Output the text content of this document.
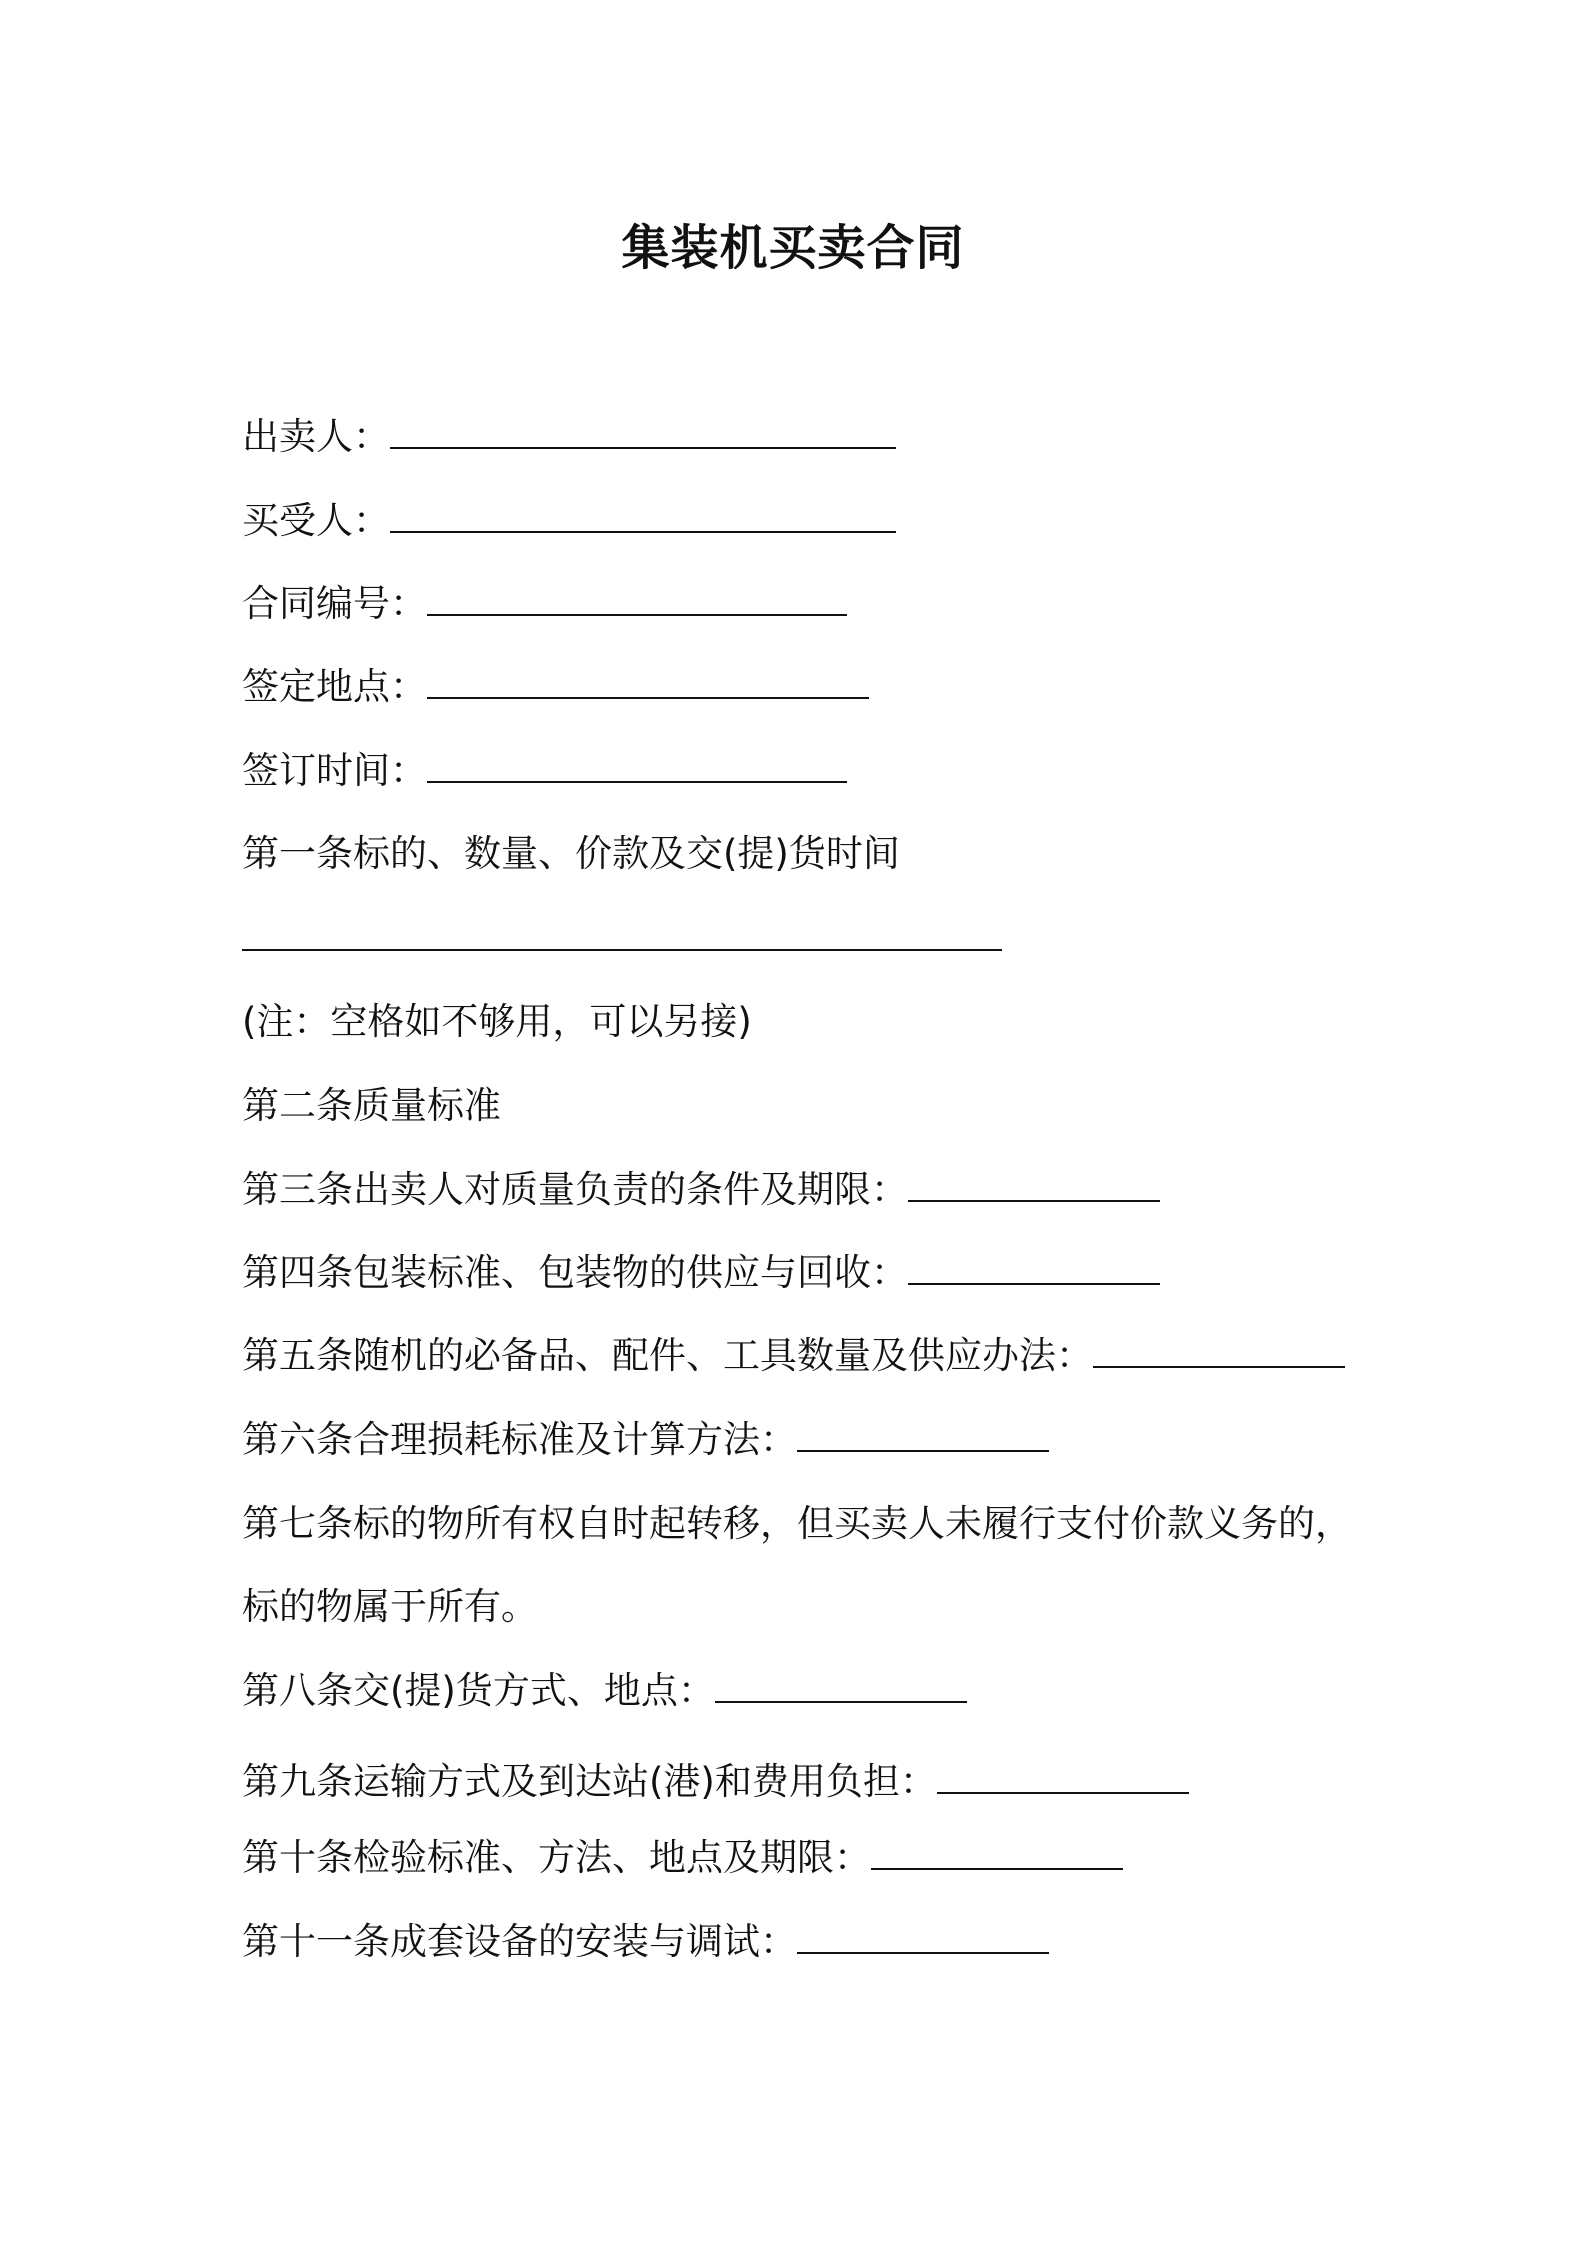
集装机买卖合同
出卖人：
买受人：
合同编号：
签定地点：
签订时间：
第一条标的、数量、价款及交(提)货时间
(注：空格如不够用，可以另接)
第二条质量标准
第三条出卖人对质量负责的条件及期限：
第四条包装标准、包装物的供应与回收：
第五条随机的必备品、配件、工具数量及供应办法：
第六条合理损耗标准及计算方法：
第七条标的物所有权自时起转移，但买卖人未履行支付价款义务的，
标的物属于所有。
第八条交(提)货方式、地点：
第九条运输方式及到达站(港)和费用负担：
第十条检验标准、方法、地点及期限：
第十一条成套设备的安装与调试：
